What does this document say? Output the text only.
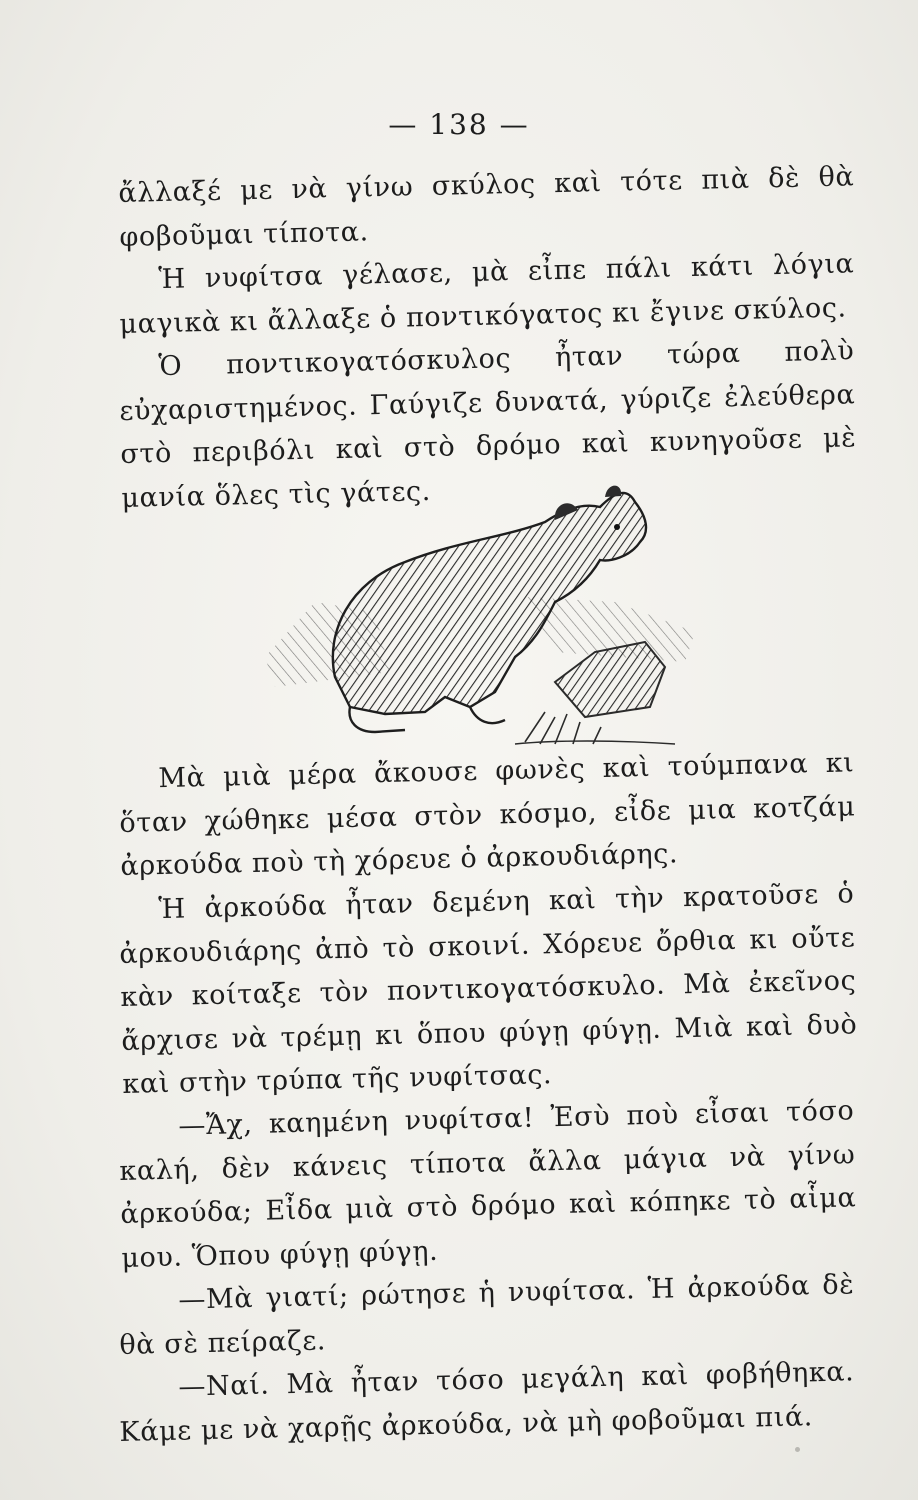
— 138 —

ἄλλαξέ με νὰ γίνω σκύλος καὶ τότε πιὰ δὲ θὰ φοβοῦμαι τίποτα.

Ἡ νυφίτσα γέλασε, μὰ εἶπε πάλι κάτι λόγια μαγικὰ κι ἄλλαξε ὁ ποντικόγατος κι ἔγινε σκύλος.

Ὁ ποντικογατόσκυλος ἦταν τώρα πολὺ εὐχαριστημένος. Γαύγιζε δυνατά, γύριζε ἐλεύθερα στὸ περιβόλι καὶ στὸ δρόμο καὶ κυνηγοῦσε μὲ μανία ὅλες τὶς γάτες.

Μὰ μιὰ μέρα ἄκουσε φωνὲς καὶ τούμπανα κι ὅταν χώθηκε μέσα στὸν κόσμο, εἶδε μια κοτζάμ ἀρκούδα ποὺ τὴ χόρευε ὁ ἀρκουδιάρης.

Ἡ ἀρκούδα ἦταν δεμένη καὶ τὴν κρατοῦσε ὁ ἀρκουδιάρης ἀπὸ τὸ σκοινί. Χόρευε ὄρθια κι οὔτε κὰν κοίταξε τὸν ποντικογατόσκυλο. Μὰ ἐκεῖνος ἄρχισε νὰ τρέμῃ κι ὅπου φύγῃ φύγῃ. Μιὰ καὶ δυὸ καὶ στὴν τρύπα τῆς νυφίτσας.

—Ἄχ, καημένη νυφίτσα! Ἐσὺ ποὺ εἶσαι τόσο καλή, δὲν κάνεις τίποτα ἄλλα μάγια νὰ γίνω ἀρκούδα; Εἶδα μιὰ στὸ δρόμο καὶ κόπηκε τὸ αἷμα μου. Ὅπου φύγῃ φύγῃ.

—Μὰ γιατί; ρώτησε ἡ νυφίτσα. Ἡ ἀρκούδα δὲ θὰ σὲ πείραζε.

—Ναί. Μὰ ἦταν τόσο μεγάλη καὶ φοβήθηκα. Κάμε με νὰ χαρῇς ἀρκούδα, νὰ μὴ φοβοῦμαι πιά.
